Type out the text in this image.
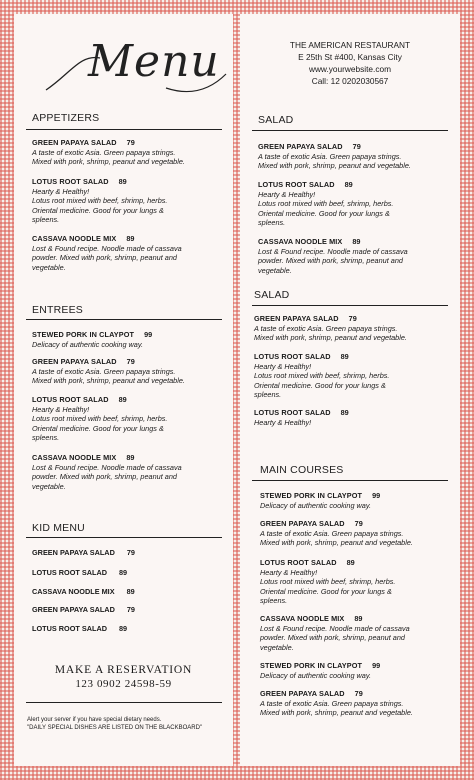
Menu
APPETIZERS
GREEN PAPAYA SALAD 79
A taste of exotic Asia. Green papaya strings.
Mixed with pork, shrimp, peanut and vegetable.
LOTUS ROOT SALAD 89
Hearty & Healthy!
Lotus root mixed with beef, shrimp, herbs.
Oriental medicine. Good for your lungs &
spleens.
CASSAVA NOODLE MIX 89
Lost & Found recipe. Noodle made of cassava
powder. Mixed with pork, shrimp, peanut and
vegetable.
ENTREES
STEWED PORK IN CLAYPOT 99
Delicacy of authentic cooking way.
GREEN PAPAYA SALAD 79
A taste of exotic Asia. Green papaya strings.
Mixed with pork, shrimp, peanut and vegetable.
LOTUS ROOT SALAD 89
Hearty & Healthy!
Lotus root mixed with beef, shrimp, herbs.
Oriental medicine. Good for your lungs &
spleens.
CASSAVA NOODLE MIX 89
Lost & Found recipe. Noodle made of cassava
powder. Mixed with pork, shrimp, peanut and
vegetable.
KID MENU
GREEN PAPAYA SALAD 79
LOTUS ROOT SALAD 89
CASSAVA NOODLE MIX 89
GREEN PAPAYA SALAD 79
LOTUS ROOT SALAD 89
MAKE A RESERVATION
123 0902 24598-59
Alert your server if you have special dietary needs.
"DAILY SPECIAL DISHES ARE LISTED ON THE BLACKBOARD"
THE AMERICAN RESTAURANT
E 25th St #400, Kansas City
www.yourwebsite.com
Call: 12 0202030567
SALAD
GREEN PAPAYA SALAD 79
A taste of exotic Asia. Green papaya strings.
Mixed with pork, shrimp, peanut and vegetable.
LOTUS ROOT SALAD 89
Hearty & Healthy!
Lotus root mixed with beef, shrimp, herbs.
Oriental medicine. Good for your lungs &
spleens.
CASSAVA NOODLE MIX 89
Lost & Found recipe. Noodle made of cassava
powder. Mixed with pork, shrimp, peanut and
vegetable.
SALAD
GREEN PAPAYA SALAD 79
A taste of exotic Asia. Green papaya strings.
Mixed with pork, shrimp, peanut and vegetable.
LOTUS ROOT SALAD 89
Hearty & Healthy!
Lotus root mixed with beef, shrimp, herbs.
Oriental medicine. Good for your lungs &
spleens.
LOTUS ROOT SALAD 89
Hearty & Healthy!
MAIN COURSES
STEWED PORK IN CLAYPOT 99
Delicacy of authentic cooking way.
GREEN PAPAYA SALAD 79
A taste of exotic Asia. Green papaya strings.
Mixed with pork, shrimp, peanut and vegetable.
LOTUS ROOT SALAD 89
Hearty & Healthy!
Lotus root mixed with beef, shrimp, herbs.
Oriental medicine. Good for your lungs &
spleens.
CASSAVA NOODLE MIX 89
Lost & Found recipe. Noodle made of cassava
powder. Mixed with pork, shrimp, peanut and
vegetable.
STEWED PORK IN CLAYPOT 99
Delicacy of authentic cooking way.
GREEN PAPAYA SALAD 79
A taste of exotic Asia. Green papaya strings.
Mixed with pork, shrimp, peanut and vegetable.
